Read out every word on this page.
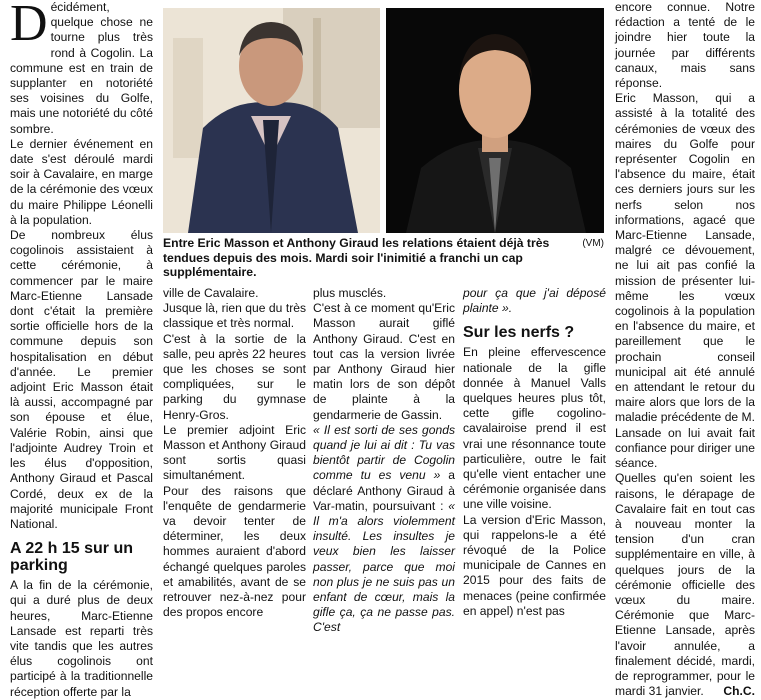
Décidément, quelque chose ne tourne plus très rond à Cogolin. La commune est en train de supplanter en notoriété ses voisines du Golfe, mais une notoriété du côté sombre.

Le dernier événement en date s'est déroulé mardi soir à Cavalaire, en marge de la cérémonie des vœux du maire Philippe Léonelli à la population.

De nombreux élus cogolinois assistaient à cette cérémonie, à commencer par le maire Marc-Etienne Lansade dont c'était la première sortie officielle hors de la commune depuis son hospitalisation en début d'année. Le premier adjoint Eric Masson était là aussi, accompagné par son épouse et élue, Valérie Robin, ainsi que l'adjointe Audrey Troin et les élus d'opposition, Anthony Giraud et Pascal Cordé, deux ex de la majorité municipale Front National.

A 22 h 15 sur un parking

A la fin de la cérémonie, qui a duré plus de deux heures, Marc-Etienne Lansade est reparti très vite tandis que les autres élus cogolinois ont participé à la traditionnelle réception offerte par la

(VM)
Entre Eric Masson et Anthony Giraud les relations étaient déjà très tendues depuis des mois. Mardi soir l'inimitié a franchi un cap supplémentaire.

ville de Cavalaire.

Jusque là, rien que du très classique et très normal.

C'est à la sortie de la salle, peu après 22 heures que les choses se sont compliquées, sur le parking du gymnase Henry-Gros.

Le premier adjoint Eric Masson et Anthony Giraud sont sortis quasi simultanément.

Pour des raisons que l'enquête de gendarmerie va devoir tenter de déterminer, les deux hommes auraient d'abord échangé quelques paroles et amabilités, avant de se retrouver nez-à-nez pour des propos encore

plus musclés.

C'est à ce moment qu'Eric Masson aurait giflé Anthony Giraud. C'est en tout cas la version livrée par Anthony Giraud hier matin lors de son dépôt de plainte à la gendarmerie de Gassin.

« Il est sorti de ses gonds quand je lui ai dit : Tu vas bientôt partir de Cogolin comme tu es venu » a déclaré Anthony Giraud à Var-matin, poursuivant : « Il m'a alors violemment insulté. Les insultes je veux bien les laisser passer, parce que moi non plus je ne suis pas un enfant de cœur, mais la gifle ça, ça ne passe pas. C'est

pour ça que j'ai déposé plainte ».

Sur les nerfs ?

En pleine effervescence nationale de la gifle donnée à Manuel Valls quelques heures plus tôt, cette gifle cogolino-cavalairoise prend il est vrai une résonnance toute particulière, outre le fait qu'elle vient entacher une cérémonie organisée dans une ville voisine.

La version d'Eric Masson, qui rappelons-le a été révoqué de la Police municipale de Cannes en 2015 pour des faits de menaces (peine confirmée en appel) n'est pas

encore connue. Notre rédaction a tenté de le joindre hier toute la journée par différents canaux, mais sans réponse.

Eric Masson, qui a assisté à la totalité des cérémonies de vœux des maires du Golfe pour représenter Cogolin en l'absence du maire, était ces derniers jours sur les nerfs selon nos informations, agacé que Marc-Etienne Lansade, malgré ce dévouement, ne lui ait pas confié la mission de présenter lui-même les vœux cogolinois à la population en l'absence du maire, et pareillement que le prochain conseil municipal ait été annulé en attendant le retour du maire alors que lors de la maladie précédente de M. Lansade on lui avait fait confiance pour diriger une séance.

Quelles qu'en soient les raisons, le dérapage de Cavalaire fait en tout cas à nouveau monter la tension d'un cran supplémentaire en ville, à quelques jours de la cérémonie officielle des vœux du maire. Cérémonie que Marc-Etienne Lansade, après l'avoir annulée, a finalement décidé, mardi, de reprogrammer, pour le mardi 31 janvier. Ch.C.
